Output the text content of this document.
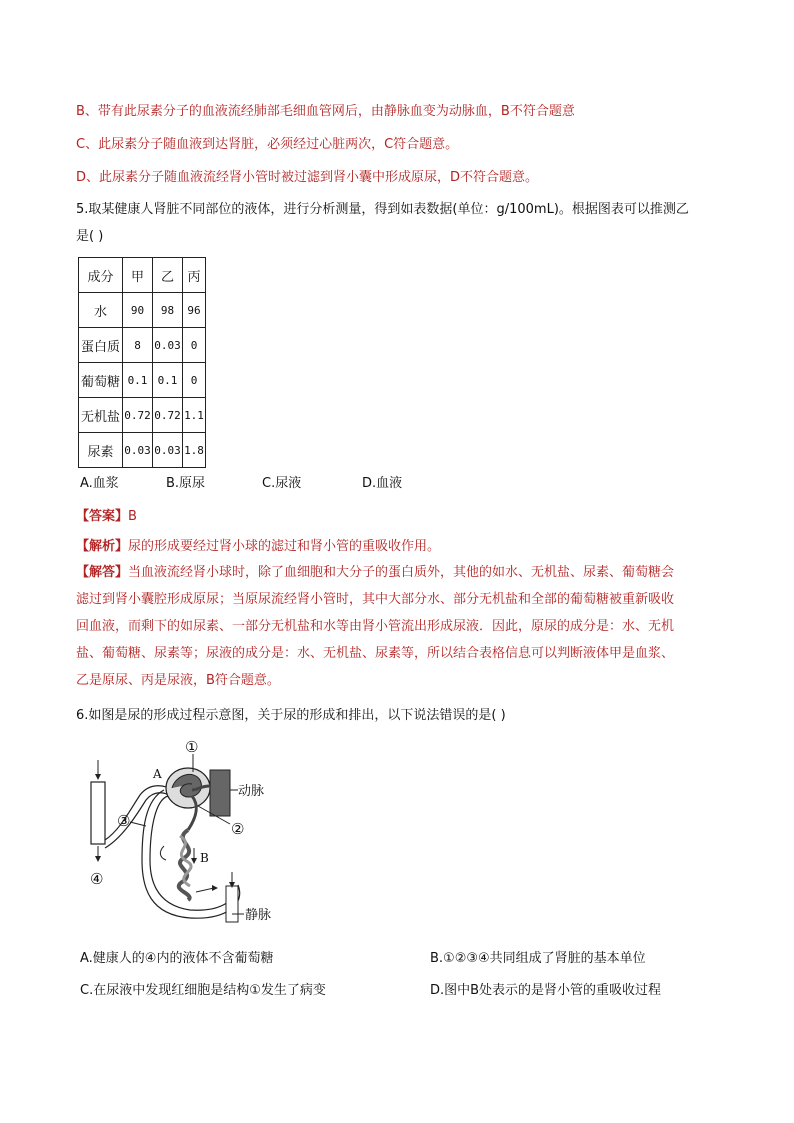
B、带有此尿素分子的血液流经肺部毛细血管网后，由静脉血变为动脉血，B不符合题意
C、此尿素分子随血液到达肾脏，必须经过心脏两次，C符合题意。
D、此尿素分子随血液流经肾小管时被过滤到肾小囊中形成原尿，D不符合题意。
5.取某健康人肾脏不同部位的液体，进行分析测量，得到如表数据(单位：g/100mL)。根据图表可以推测乙
是( )
成分	甲	乙	丙
水	90	98	96
蛋白质	8	0.03	0
葡萄糖	0.1	0.1	0
无机盐	0.72	0.72	1.1
尿素	0.03	0.03	1.8
A.血浆	B.原尿	C.尿液	D.血液
【答案】B
【解析】尿的形成要经过肾小球的滤过和肾小管的重吸收作用。
【解答】当血液流经肾小球时，除了血细胞和大分子的蛋白质外，其他的如水、无机盐、尿素、葡萄糖会
滤过到肾小囊腔形成原尿；当原尿流经肾小管时，其中大部分水、部分无机盐和全部的葡萄糖被重新吸收
回血液，而剩下的如尿素、一部分无机盐和水等由肾小管流出形成尿液．因此，原尿的成分是：水、无机
盐、葡萄糖、尿素等；尿液的成分是：水、无机盐、尿素等，所以结合表格信息可以判断液体甲是血浆、
乙是原尿、丙是尿液，B符合题意。
6.如图是尿的形成过程示意图，关于尿的形成和排出，以下说法错误的是( )
①
②
③
④
A
B
动脉
静脉
A.健康人的④内的液体不含葡萄糖	B.①②③④共同组成了肾脏的基本单位
C.在尿液中发现红细胞是结构①发生了病变	D.图中B处表示的是肾小管的重吸收过程
